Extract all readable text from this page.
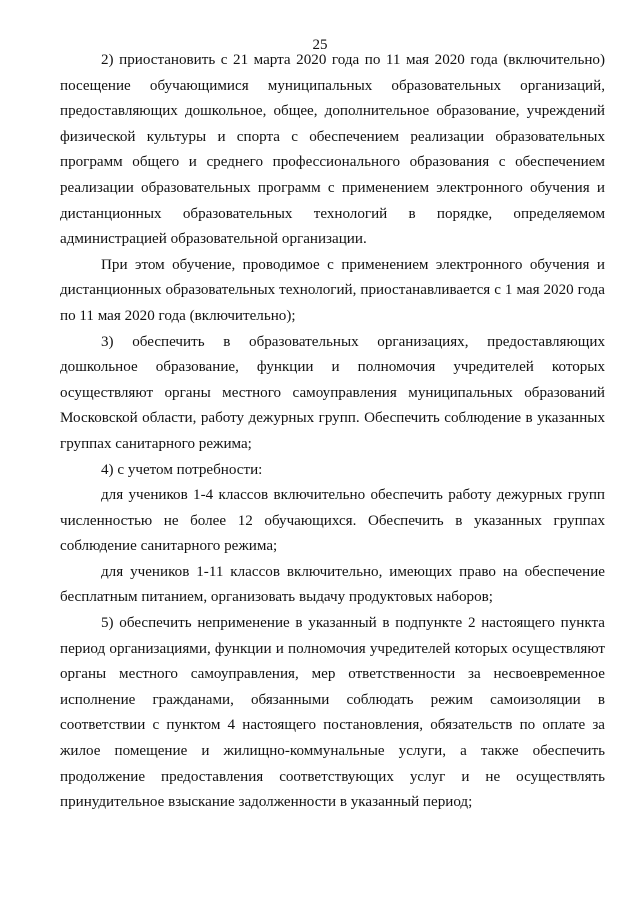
25

2) приостановить с 21 марта 2020 года по 11 мая 2020 года (включительно) посещение обучающимися муниципальных образовательных организаций, предоставляющих дошкольное, общее, дополнительное образование, учреждений физической культуры и спорта с обеспечением реализации образовательных программ общего и среднего профессионального образования с обеспечением реализации образовательных программ с применением электронного обучения и дистанционных образовательных технологий в порядке, определяемом администрацией образовательной организации.

При этом обучение, проводимое с применением электронного обучения и дистанционных образовательных технологий, приостанавливается с 1 мая 2020 года по 11 мая 2020 года (включительно);

3) обеспечить в образовательных организациях, предоставляющих дошкольное образование, функции и полномочия учредителей которых осуществляют органы местного самоуправления муниципальных образований Московской области, работу дежурных групп. Обеспечить соблюдение в указанных группах санитарного режима;

4) с учетом потребности:

для учеников 1-4 классов включительно обеспечить работу дежурных групп численностью не более 12 обучающихся. Обеспечить в указанных группах соблюдение санитарного режима;

для учеников 1-11 классов включительно, имеющих право на обеспечение бесплатным питанием, организовать выдачу продуктовых наборов;

5) обеспечить неприменение в указанный в подпункте 2 настоящего пункта период организациями, функции и полномочия учредителей которых осуществляют органы местного самоуправления, мер ответственности за несвоевременное исполнение гражданами, обязанными соблюдать режим самоизоляции в соответствии с пунктом 4 настоящего постановления, обязательств по оплате за жилое помещение и жилищно-коммунальные услуги, а также обеспечить продолжение предоставления соответствующих услуг и не осуществлять принудительное взыскание задолженности в указанный период;
